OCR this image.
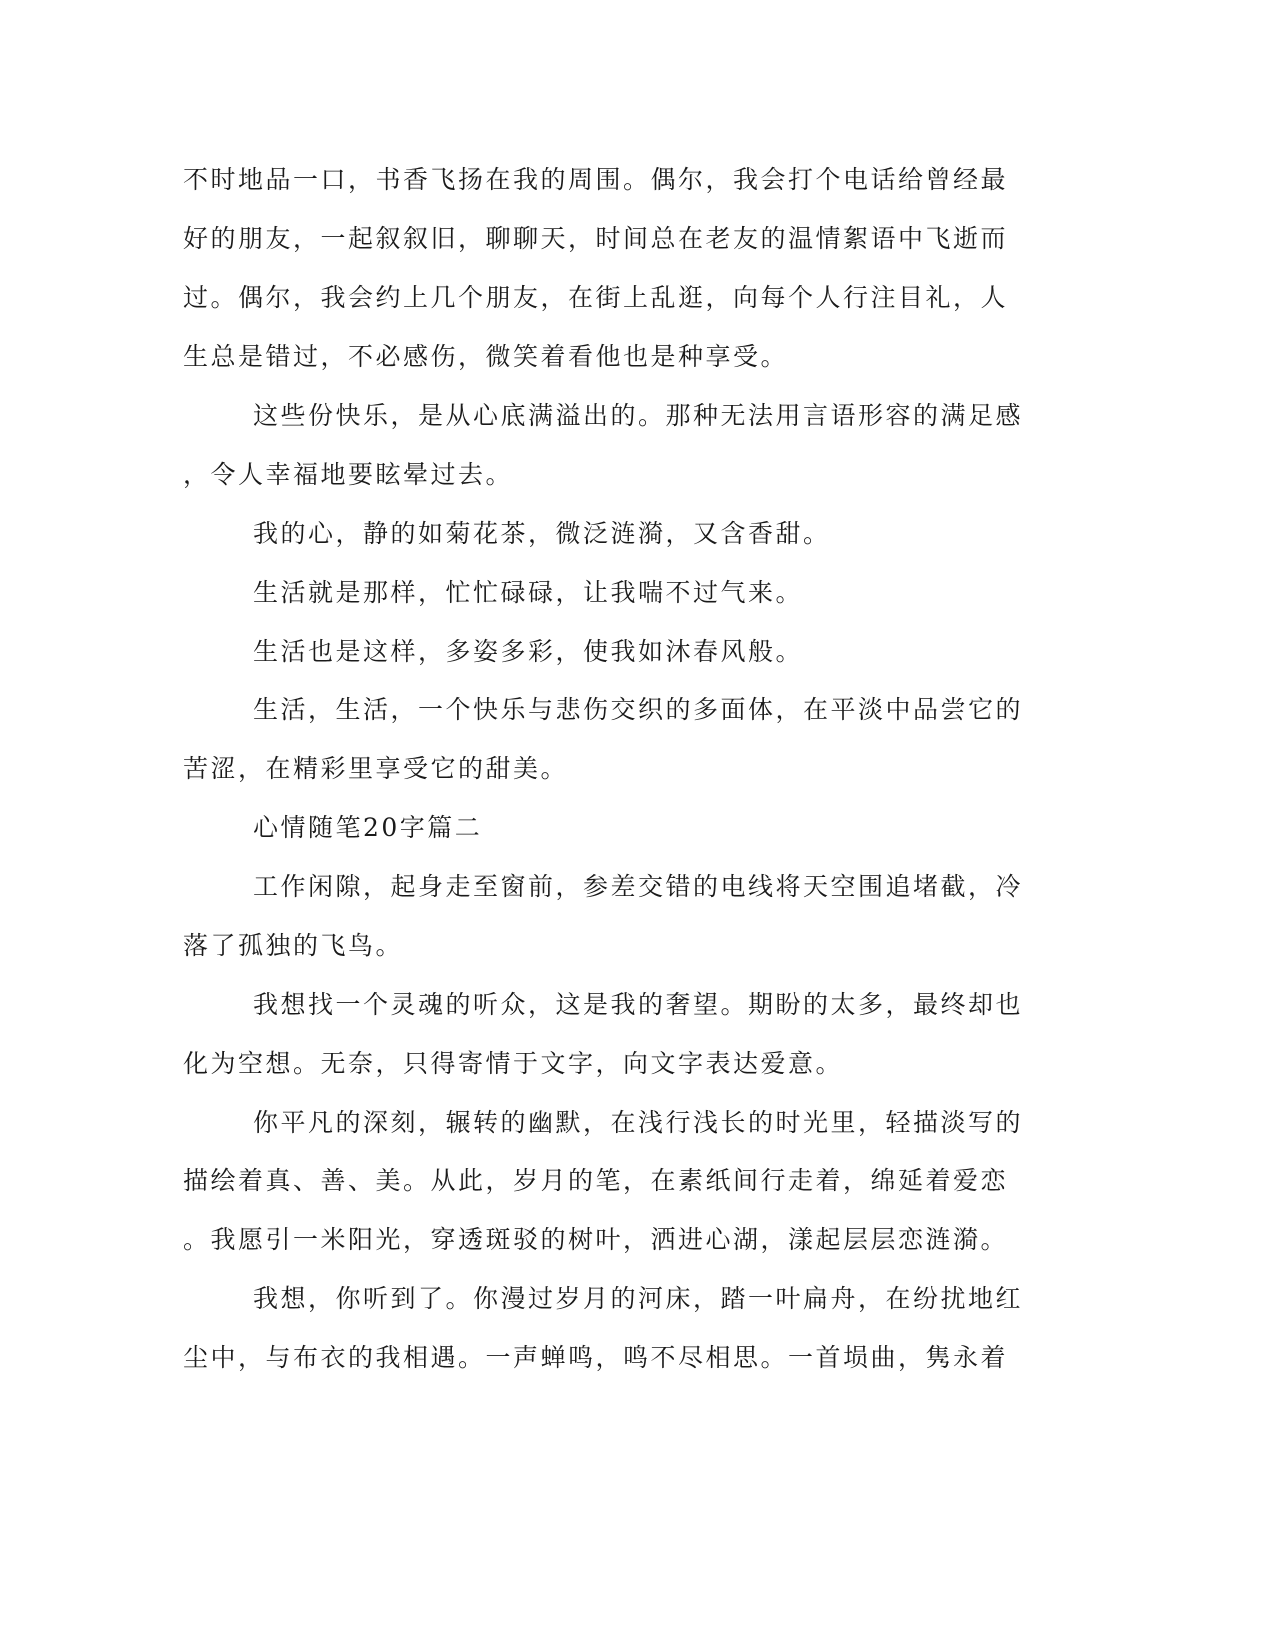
不时地品一口，书香飞扬在我的周围。偶尔，我会打个电话给曾经最
好的朋友，一起叙叙旧，聊聊天，时间总在老友的温情絮语中飞逝而
过。偶尔，我会约上几个朋友，在街上乱逛，向每个人行注目礼，人
生总是错过，不必感伤，微笑着看他也是种享受。
这些份快乐，是从心底满溢出的。那种无法用言语形容的满足感
，令人幸福地要眩晕过去。
我的心，静的如菊花茶，微泛涟漪，又含香甜。
生活就是那样，忙忙碌碌，让我喘不过气来。
生活也是这样，多姿多彩，使我如沐春风般。
生活，生活，一个快乐与悲伤交织的多面体，在平淡中品尝它的
苦涩，在精彩里享受它的甜美。
心情随笔20字篇二
工作闲隙，起身走至窗前，参差交错的电线将天空围追堵截，冷
落了孤独的飞鸟。
我想找一个灵魂的听众，这是我的奢望。期盼的太多，最终却也
化为空想。无奈，只得寄情于文字，向文字表达爱意。
你平凡的深刻，辗转的幽默，在浅行浅长的时光里，轻描淡写的
描绘着真、善、美。从此，岁月的笔，在素纸间行走着，绵延着爱恋
。我愿引一米阳光，穿透斑驳的树叶，洒进心湖，漾起层层恋涟漪。
我想，你听到了。你漫过岁月的河床，踏一叶扁舟，在纷扰地红
尘中，与布衣的我相遇。一声蝉鸣，鸣不尽相思。一首埙曲，隽永着
